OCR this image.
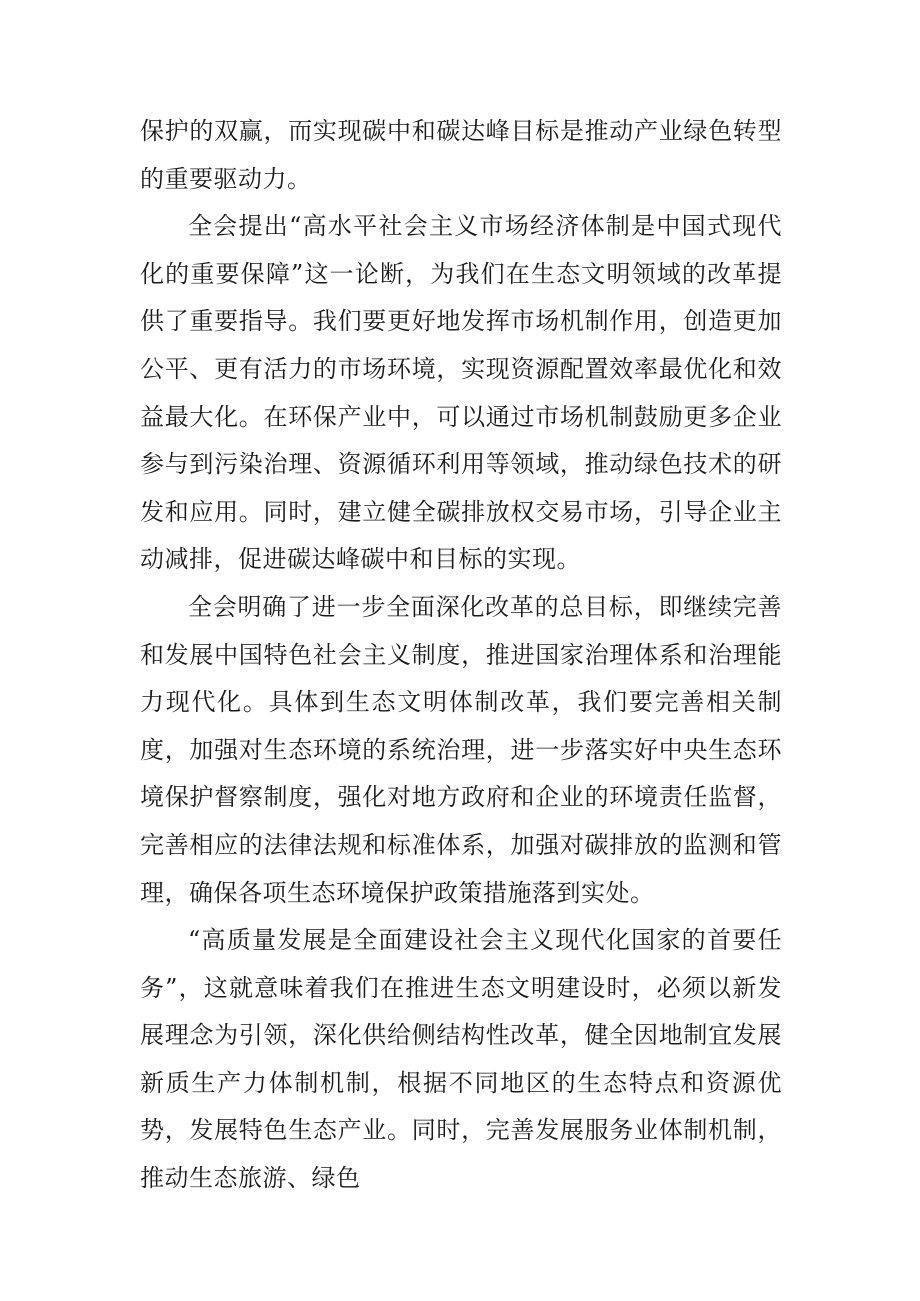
保护的双赢，而实现碳中和碳达峰目标是推动产业绿色转型的重要驱动力。

全会提出“高水平社会主义市场经济体制是中国式现代化的重要保障”这一论断，为我们在生态文明领域的改革提供了重要指导。我们要更好地发挥市场机制作用，创造更加公平、更有活力的市场环境，实现资源配置效率最优化和效益最大化。在环保产业中，可以通过市场机制鼓励更多企业参与到污染治理、资源循环利用等领域，推动绿色技术的研发和应用。同时，建立健全碳排放权交易市场，引导企业主动减排，促进碳达峰碳中和目标的实现。

全会明确了进一步全面深化改革的总目标，即继续完善和发展中国特色社会主义制度，推进国家治理体系和治理能力现代化。具体到生态文明体制改革，我们要完善相关制度，加强对生态环境的系统治理，进一步落实好中央生态环境保护督察制度，强化对地方政府和企业的环境责任监督，完善相应的法律法规和标准体系，加强对碳排放的监测和管理，确保各项生态环境保护政策措施落到实处。

“高质量发展是全面建设社会主义现代化国家的首要任务”，这就意味着我们在推进生态文明建设时，必须以新发展理念为引领，深化供给侧结构性改革，健全因地制宜发展新质生产力体制机制，根据不同地区的生态特点和资源优势，发展特色生态产业。同时，完善发展服务业体制机制，推动生态旅游、绿色
